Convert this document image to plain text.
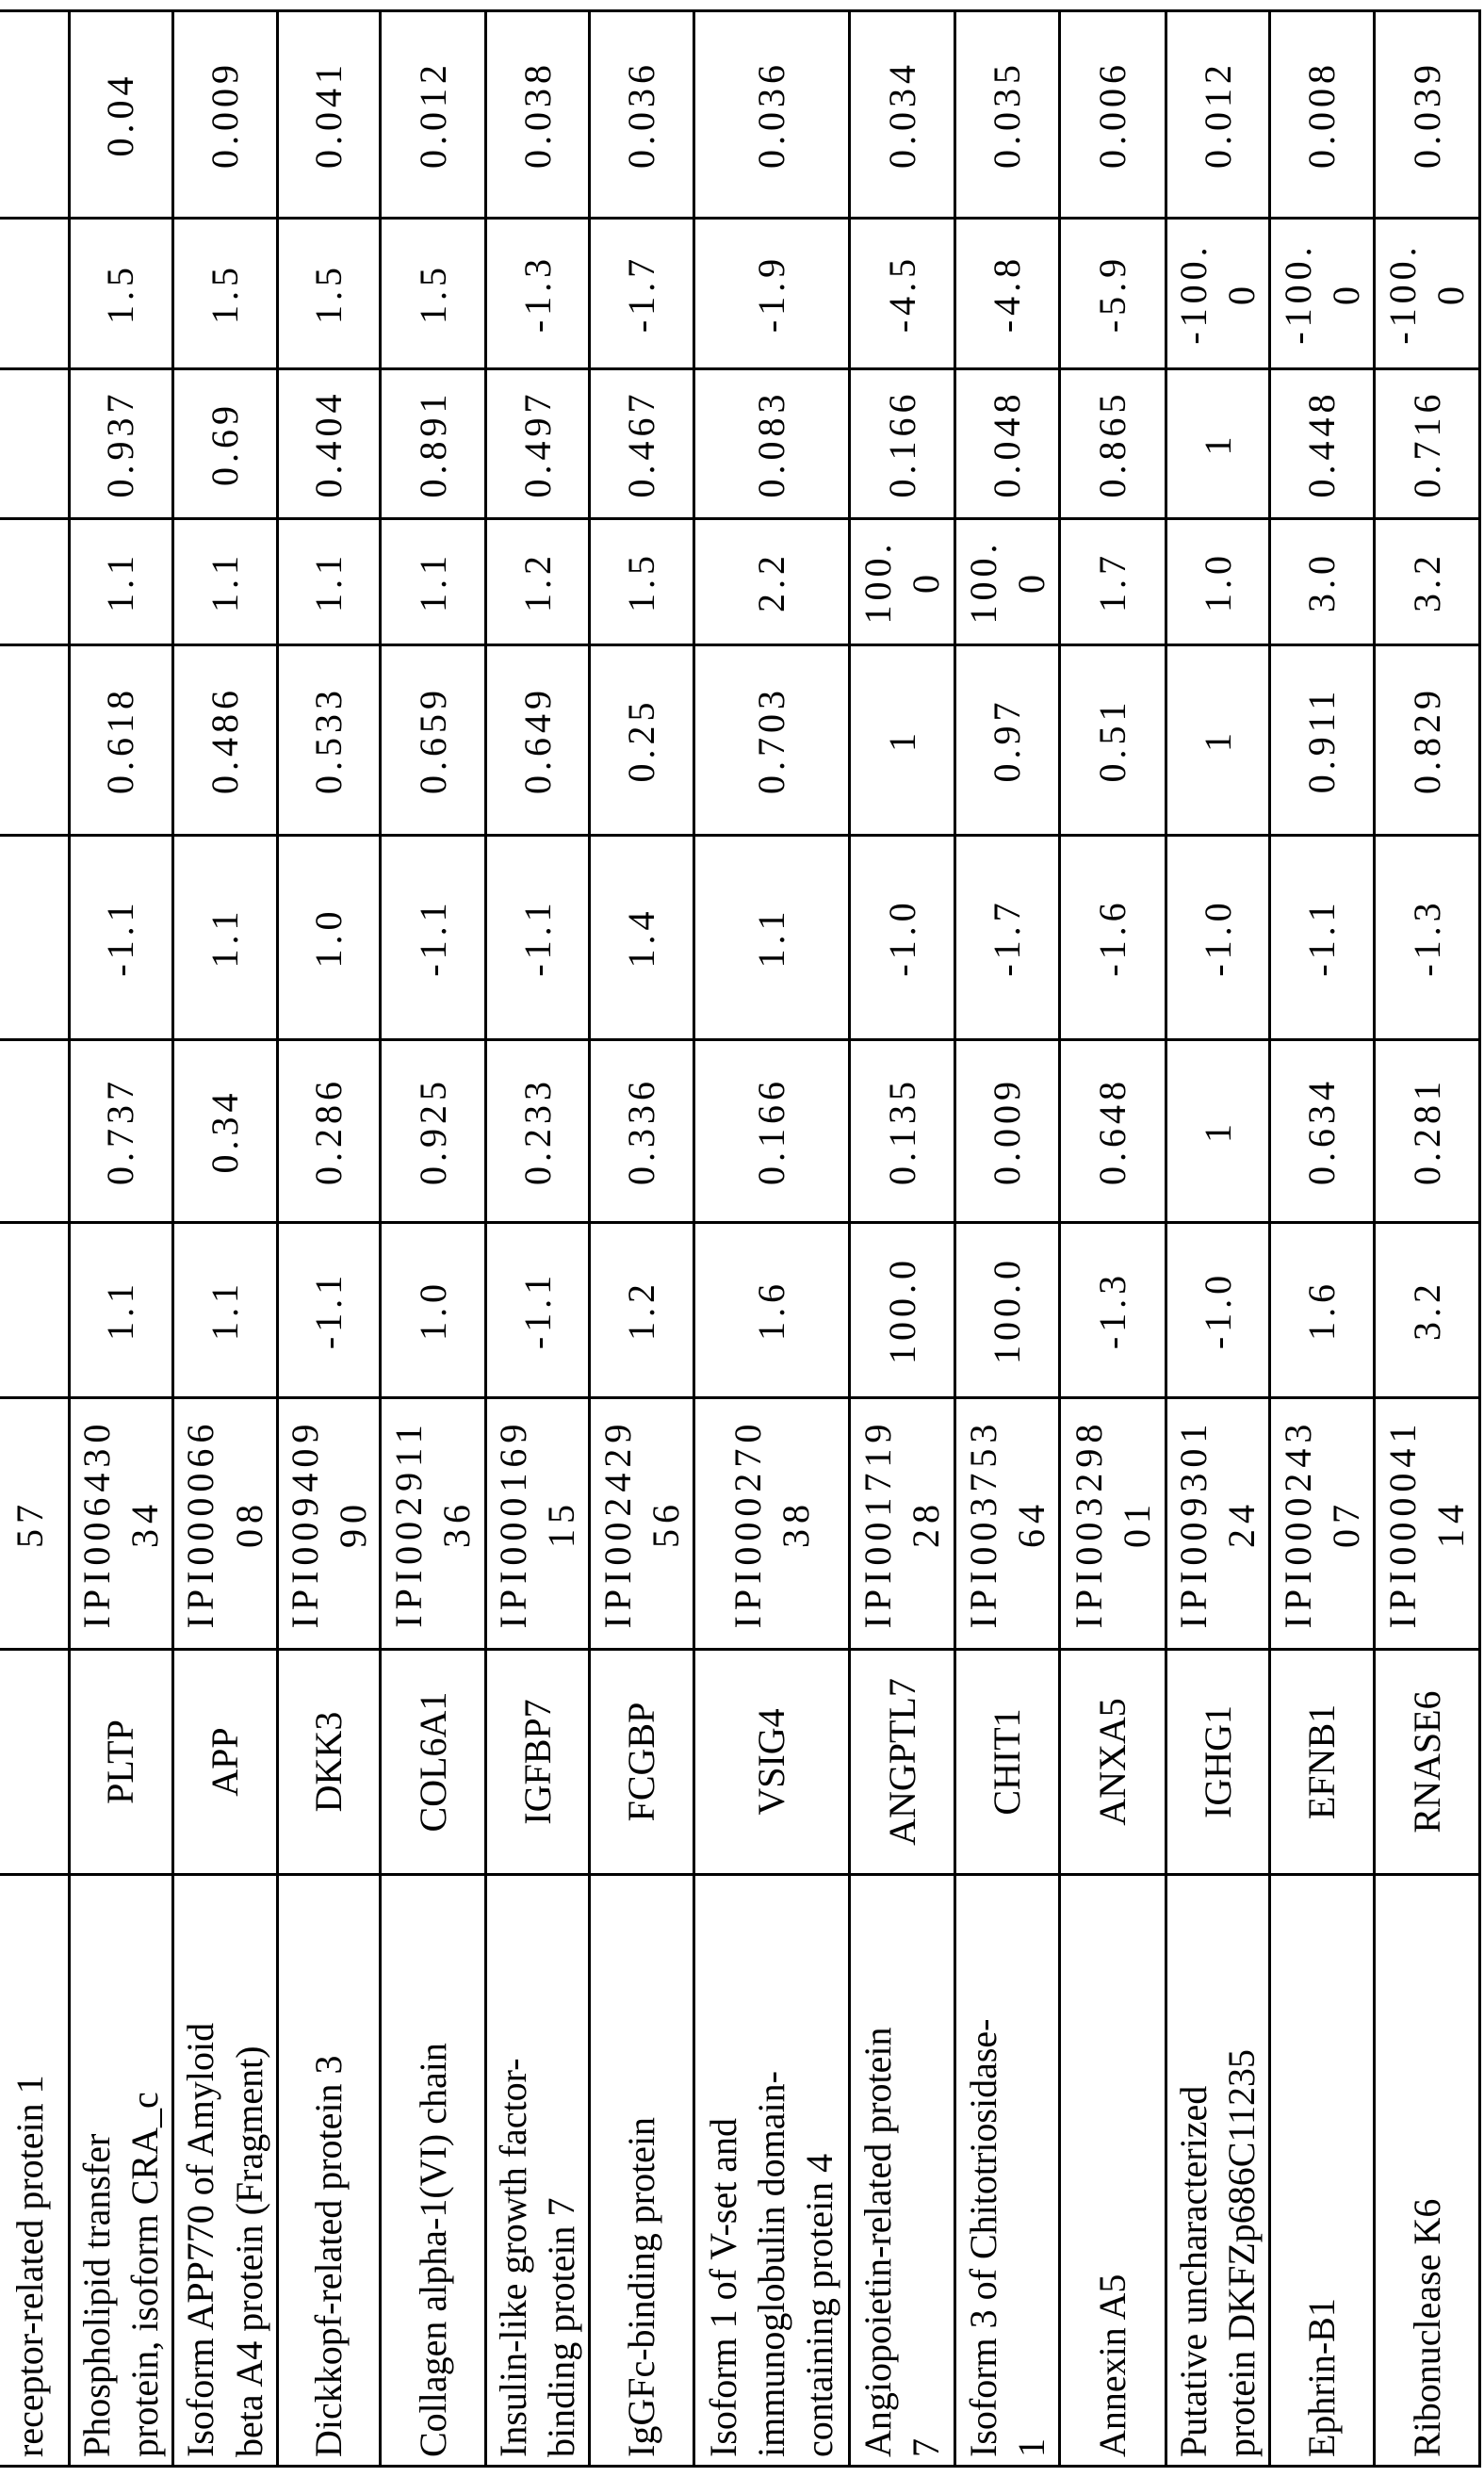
receptor-related protein 1		57								
Phospholipid transfer
protein, isoform CRA_c	PLTP	IPI00643034	1.1	0.737	-1.1	0.618	1.1	0.937	1.5	0.04
Isoform APP770 of Amyloid
beta A4 protein (Fragment)	APP	IPI00006608	1.1	0.34	1.1	0.486	1.1	0.69	1.5	0.009
Dickkopf-related protein 3	DKK3	IPI00940990	-1.1	0.286	1.0	0.533	1.1	0.404	1.5	0.041
Collagen alpha-1(VI) chain	COL6A1	IPI00291136	1.0	0.925	-1.1	0.659	1.1	0.891	1.5	0.012
Insulin-like growth factor-
binding protein 7	IGFBP7	IPI00016915	-1.1	0.233	-1.1	0.649	1.2	0.497	-1.3	0.038
IgGFc-binding protein	FCGBP	IPI00242956	1.2	0.336	1.4	0.25	1.5	0.467	-1.7	0.036
Isoform 1 of V-set and
immunoglobulin domain-
containing protein 4	VSIG4	IPI00027038	1.6	0.166	1.1	0.703	2.2	0.083	-1.9	0.036
Angiopoietin-related protein
7	ANGPTL7	IPI00171928	100.0	0.135	-1.0	1	100.0	0.166	-4.5	0.034
Isoform 3 of Chitotriosidase-
1	CHIT1	IPI00375364	100.0	0.009	-1.7	0.97	100.0	0.048	-4.8	0.035
Annexin A5	ANXA5	IPI00329801	-1.3	0.648	-1.6	0.51	1.7	0.865	-5.9	0.006
Putative uncharacterized
protein DKFZp686C11235	IGHG1	IPI00930124	-1.0	1	-1.0	1	1.0	1	-100.0	0.012
Ephrin-B1	EFNB1	IPI00024307	1.6	0.634	-1.1	0.911	3.0	0.448	-100.0	0.008
Ribonuclease K6	RNASE6	IPI00004114	3.2	0.281	-1.3	0.829	3.2	0.716	-100.0	0.039
